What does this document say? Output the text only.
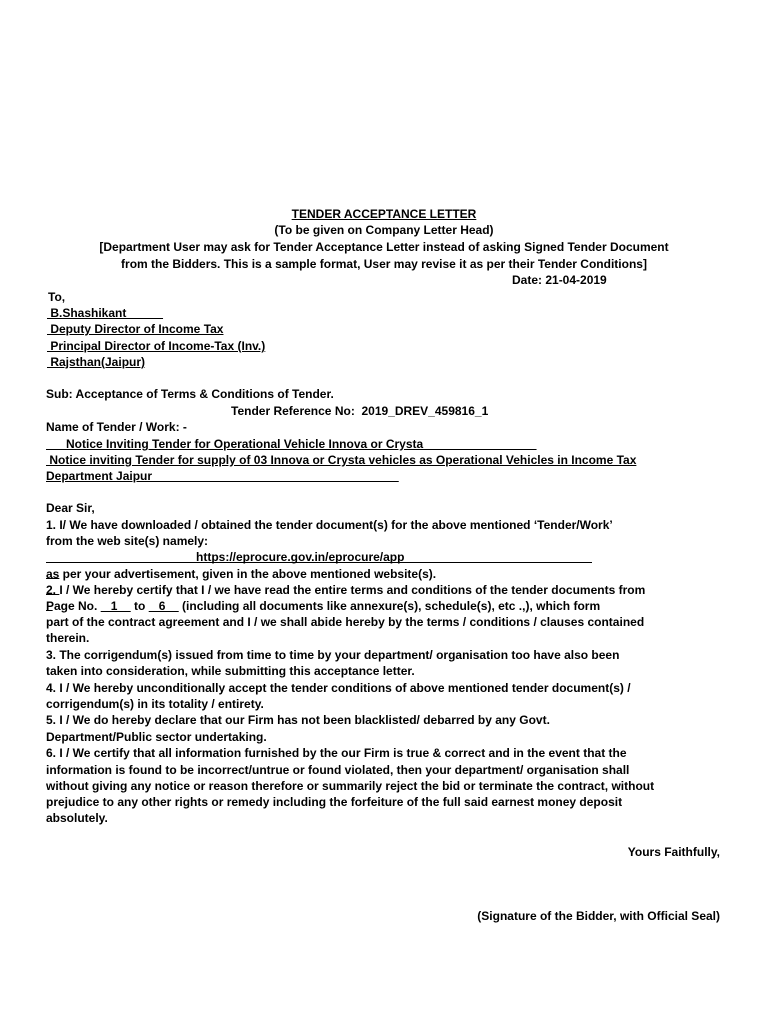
TENDER ACCEPTANCE LETTER
(To be given on Company Letter Head)
[Department User may ask for Tender Acceptance Letter instead of asking Signed Tender Document
from the Bidders. This is a sample format, User may revise it as per their Tender Conditions]
Date: 21-04-2019
To,
B.Shashikant
Deputy Director of Income Tax
Principal Director of Income-Tax (Inv.)
Rajsthan(Jaipur)
Sub: Acceptance of Terms & Conditions of Tender.
Tender Reference No:  2019_DREV_459816_1
Name of Tender / Work: -
Notice Inviting Tender for Operational Vehicle Innova or Crysta
Notice inviting Tender for supply of 03 Innova or Crysta vehicles as Operational Vehicles in Income Tax
Department Jaipur
Dear Sir,
1. I/ We have downloaded / obtained the tender document(s) for the above mentioned ‘Tender/Work’
from the web site(s) namely:

https://eprocure.gov.in/eprocure/app

as per your advertisement, given in the above mentioned website(s).
2. I / We hereby certify that I / we have read the entire terms and conditions of the tender documents from
Page No.    1     to    6     (including all documents like annexure(s), schedule(s), etc .,), which form
part of the contract agreement and I / we shall abide hereby by the terms / conditions / clauses contained
therein.
3. The corrigendum(s) issued from time to time by your department/ organisation too have also been
taken into consideration, while submitting this acceptance letter.
4. I / We hereby unconditionally accept the tender conditions of above mentioned tender document(s) /
corrigendum(s) in its totality / entirety.
5. I / We do hereby declare that our Firm has not been blacklisted/ debarred by any Govt.
Department/Public sector undertaking.
6. I / We certify that all information furnished by the our Firm is true & correct and in the event that the
information is found to be incorrect/untrue or found violated, then your department/ organisation shall
without giving any notice or reason therefore or summarily reject the bid or terminate the contract, without
prejudice to any other rights or remedy including the forfeiture of the full said earnest money deposit
absolutely.
Yours Faithfully,
(Signature of the Bidder, with Official Seal)
